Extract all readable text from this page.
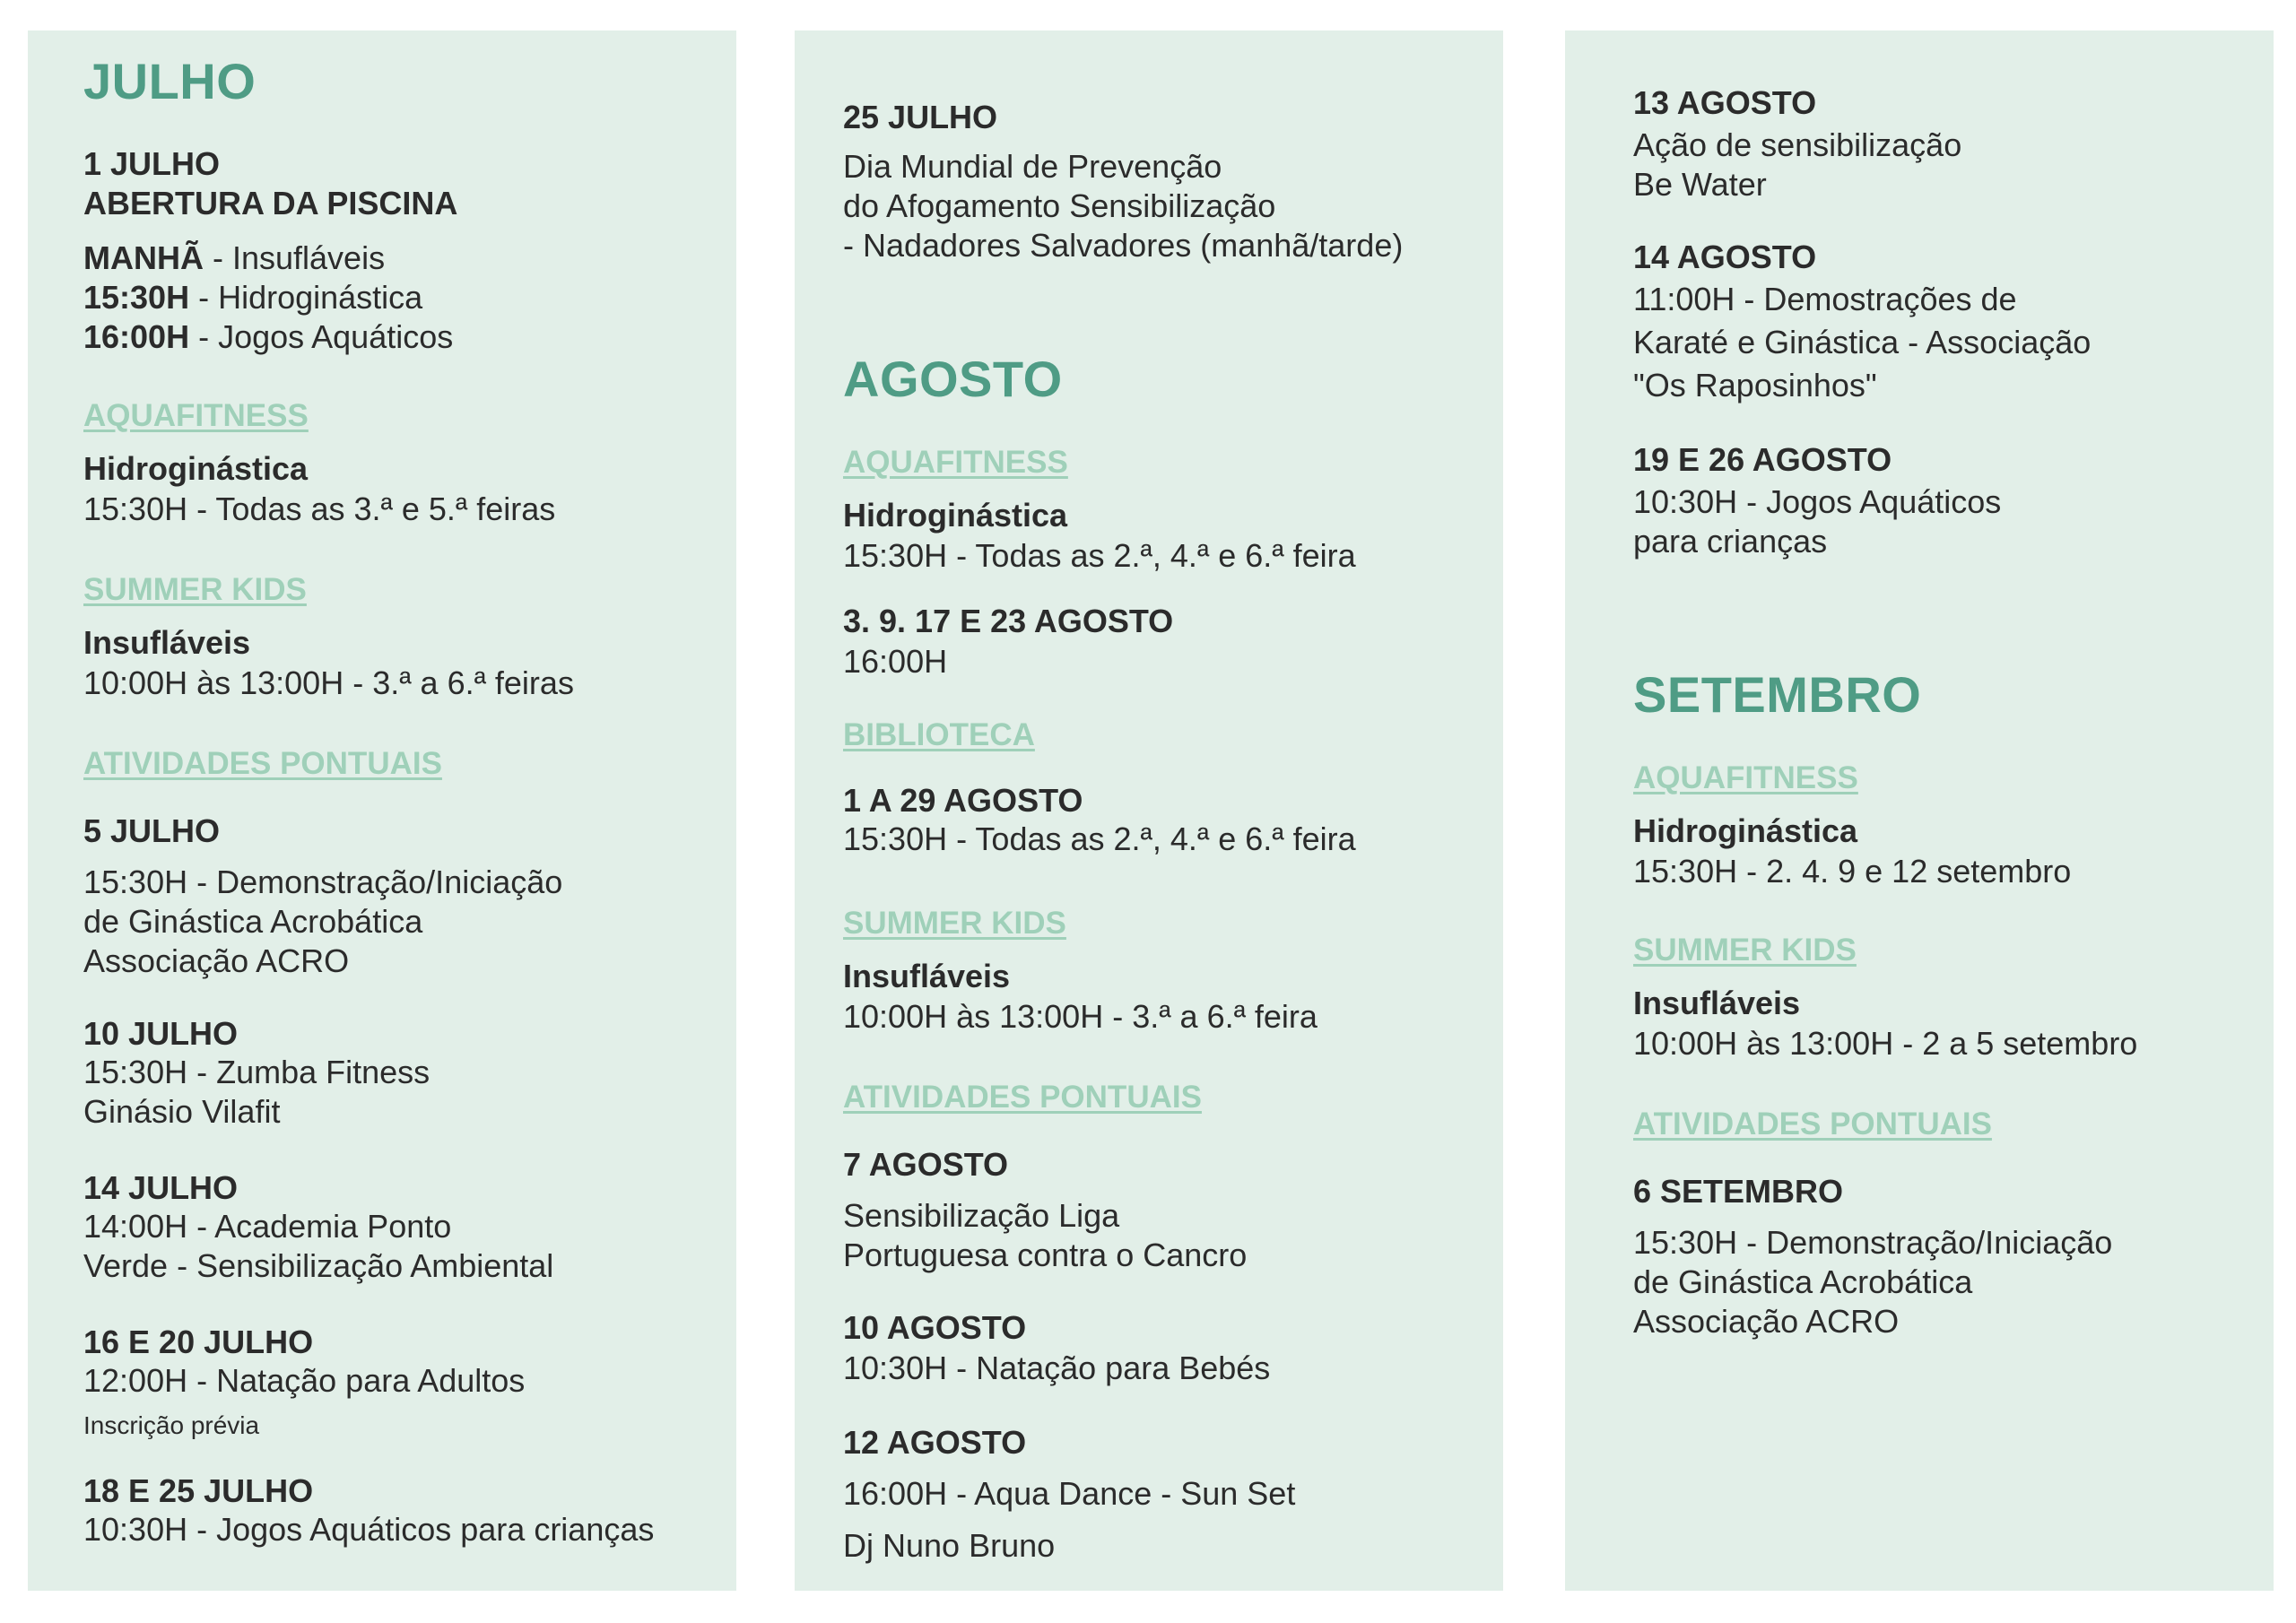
JULHO
1 JULHO
ABERTURA DA PISCINA
MANHÃ - Insufláveis
15:30H - Hidroginástica
16:00H - Jogos Aquáticos
AQUAFITNESS
Hidroginástica
15:30H - Todas as 3.ª e 5.ª feiras
SUMMER KIDS
Insufláveis
10:00H às 13:00H - 3.ª a 6.ª feiras
ATIVIDADES PONTUAIS
5 JULHO
15:30H - Demonstração/Iniciação
de Ginástica Acrobática
Associação ACRO
10 JULHO
15:30H - Zumba Fitness
Ginásio Vilafit
14 JULHO
14:00H - Academia Ponto
Verde - Sensibilização Ambiental
16 E 20 JULHO
12:00H - Natação para Adultos
Inscrição prévia
18 E 25 JULHO
10:30H - Jogos Aquáticos para crianças
25 JULHO
Dia Mundial de Prevenção
do Afogamento Sensibilização
- Nadadores Salvadores (manhã/tarde)
AGOSTO
AQUAFITNESS
Hidroginástica
15:30H - Todas as 2.ª, 4.ª e 6.ª feira
3. 9. 17 E 23 AGOSTO
16:00H
BIBLIOTECA
1 A 29 AGOSTO
15:30H - Todas as 2.ª, 4.ª e 6.ª feira
SUMMER KIDS
Insufláveis
10:00H às 13:00H - 3.ª a 6.ª feira
ATIVIDADES PONTUAIS
7 AGOSTO
Sensibilização Liga
Portuguesa contra o Cancro
10 AGOSTO
10:30H - Natação para Bebés
12 AGOSTO
16:00H - Aqua Dance - Sun Set
Dj Nuno Bruno
13 AGOSTO
Ação de sensibilização
Be Water
14 AGOSTO
11:00H - Demostrações de
Karaté e Ginástica - Associação
"Os Raposinhos"
19 E 26 AGOSTO
10:30H - Jogos Aquáticos
para crianças
SETEMBRO
AQUAFITNESS
Hidroginástica
15:30H - 2. 4. 9 e 12 setembro
SUMMER KIDS
Insufláveis
10:00H às 13:00H - 2 a 5 setembro
ATIVIDADES PONTUAIS
6 SETEMBRO
15:30H - Demonstração/Iniciação
de Ginástica Acrobática
Associação ACRO
